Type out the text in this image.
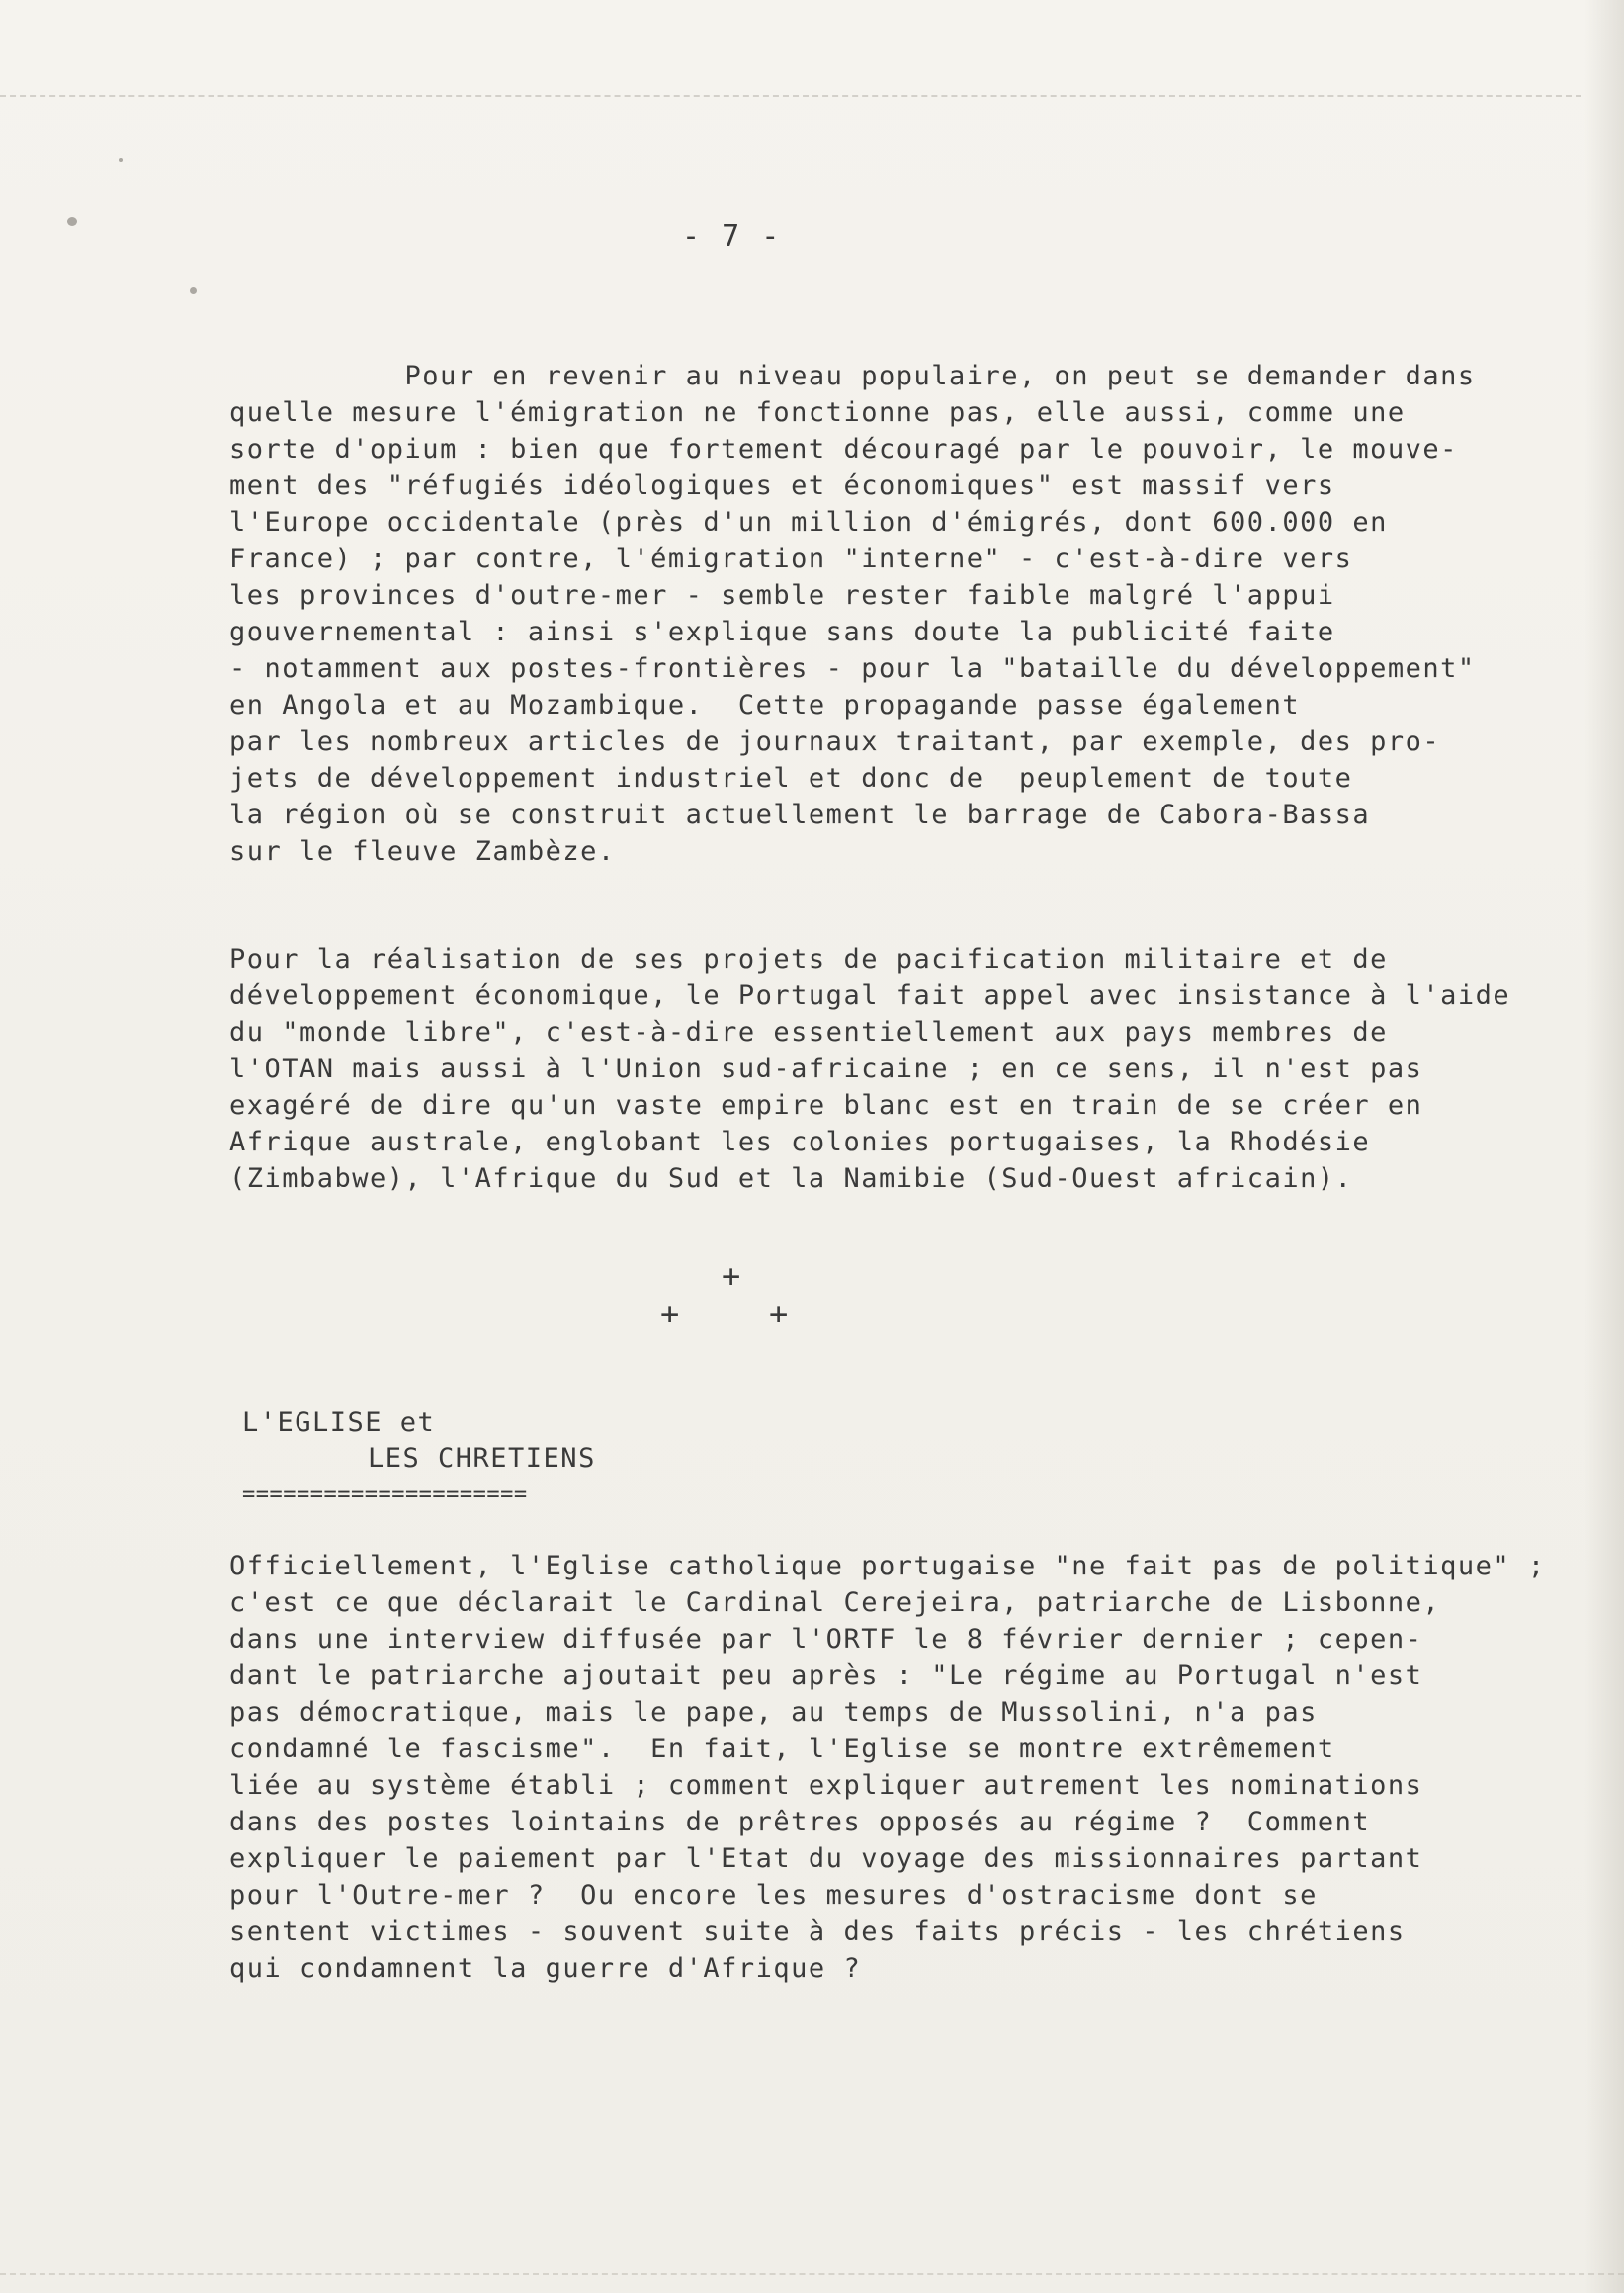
- 7 -
Pour en revenir au niveau populaire, on peut se demander dans
quelle mesure l'émigration ne fonctionne pas, elle aussi, comme une
sorte d'opium : bien que fortement découragé par le pouvoir, le mouve-
ment des "réfugiés idéologiques et économiques" est massif vers
l'Europe occidentale (près d'un million d'émigrés, dont 600.000 en
France) ; par contre, l'émigration "interne" - c'est-à-dire vers
les provinces d'outre-mer - semble rester faible malgré l'appui
gouvernemental : ainsi s'explique sans doute la publicité faite
- notamment aux postes-frontières - pour la "bataille du développement"
en Angola et au Mozambique.  Cette propagande passe également
par les nombreux articles de journaux traitant, par exemple, des pro-
jets de développement industriel et donc de  peuplement de toute
la région où se construit actuellement le barrage de Cabora-Bassa
sur le fleuve Zambèze.
Pour la réalisation de ses projets de pacification militaire et de
développement économique, le Portugal fait appel avec insistance à l'aide
du "monde libre", c'est-à-dire essentiellement aux pays membres de
l'OTAN mais aussi à l'Union sud-africaine ; en ce sens, il n'est pas
exagéré de dire qu'un vaste empire blanc est en train de se créer en
Afrique australe, englobant les colonies portugaises, la Rhodésie
(Zimbabwe), l'Afrique du Sud et la Namibie (Sud-Ouest africain).
+
+	+
L'EGLISE et
LES CHRETIENS
=====================
Officiellement, l'Eglise catholique portugaise "ne fait pas de politique" ;
c'est ce que déclarait le Cardinal Cerejeira, patriarche de Lisbonne,
dans une interview diffusée par l'ORTF le 8 février dernier ; cepen-
dant le patriarche ajoutait peu après : "Le régime au Portugal n'est
pas démocratique, mais le pape, au temps de Mussolini, n'a pas
condamné le fascisme".  En fait, l'Eglise se montre extrêmement
liée au système établi ; comment expliquer autrement les nominations
dans des postes lointains de prêtres opposés au régime ?  Comment
expliquer le paiement par l'Etat du voyage des missionnaires partant
pour l'Outre-mer ?  Ou encore les mesures d'ostracisme dont se
sentent victimes - souvent suite à des faits précis - les chrétiens
qui condamnent la guerre d'Afrique ?
